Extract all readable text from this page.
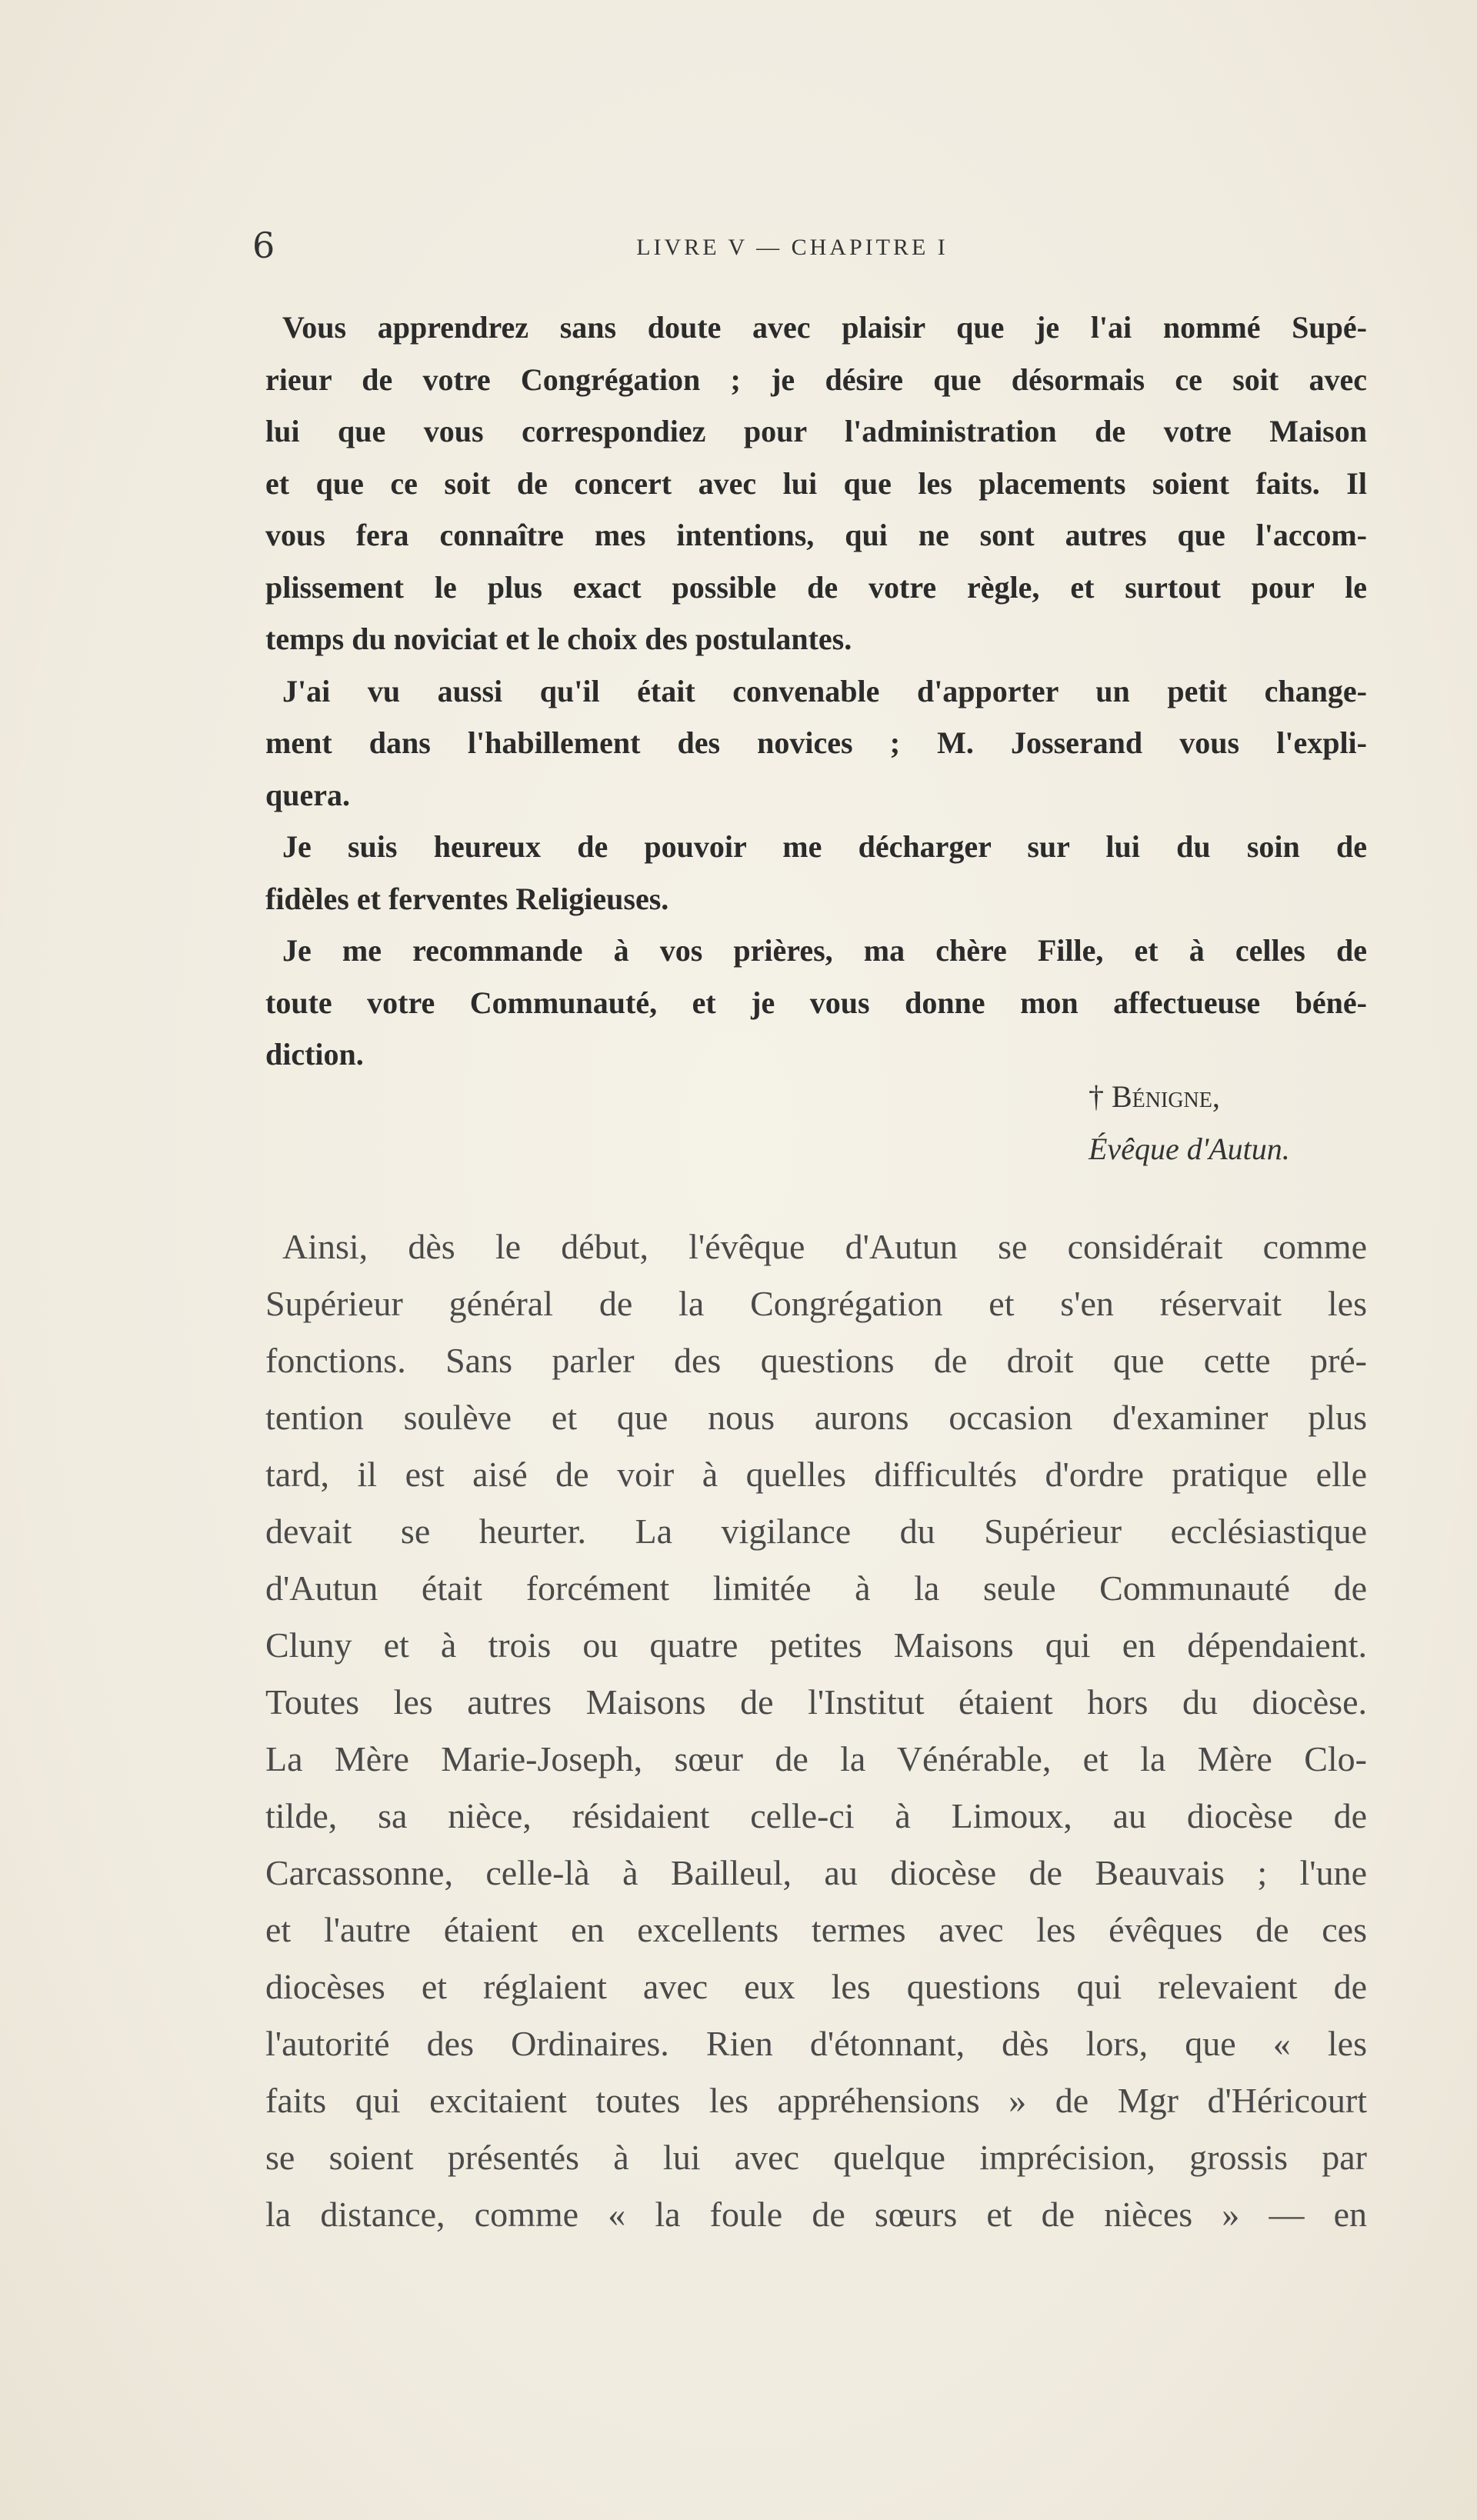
6	LIVRE V — CHAPITRE I
Vous apprendrez sans doute avec plaisir que je l'ai nommé Supé-
rieur de votre Congrégation ; je désire que désormais ce soit avec
lui que vous correspondiez pour l'administration de votre Maison
et que ce soit de concert avec lui que les placements soient faits. Il
vous fera connaître mes intentions, qui ne sont autres que l'accom-
plissement le plus exact possible de votre règle, et surtout pour le
temps du noviciat et le choix des postulantes.
J'ai vu aussi qu'il était convenable d'apporter un petit change-
ment dans l'habillement des novices ; M. Josserand vous l'expli-
quera.
Je suis heureux de pouvoir me décharger sur lui du soin de
fidèles et ferventes Religieuses.
Je me recommande à vos prières, ma chère Fille, et à celles de
toute votre Communauté, et je vous donne mon affectueuse béné-
diction.
† Bénigne,
Évêque d'Autun.
Ainsi, dès le début, l'évêque d'Autun se considérait comme
Supérieur général de la Congrégation et s'en réservait les
fonctions. Sans parler des questions de droit que cette pré-
tention soulève et que nous aurons occasion d'examiner plus
tard, il est aisé de voir à quelles difficultés d'ordre pratique elle
devait se heurter. La vigilance du Supérieur ecclésiastique
d'Autun était forcément limitée à la seule Communauté de
Cluny et à trois ou quatre petites Maisons qui en dépendaient.
Toutes les autres Maisons de l'Institut étaient hors du diocèse.
La Mère Marie-Joseph, sœur de la Vénérable, et la Mère Clo-
tilde, sa nièce, résidaient celle-ci à Limoux, au diocèse de
Carcassonne, celle-là à Bailleul, au diocèse de Beauvais ; l'une
et l'autre étaient en excellents termes avec les évêques de ces
diocèses et réglaient avec eux les questions qui relevaient de
l'autorité des Ordinaires. Rien d'étonnant, dès lors, que « les
faits qui excitaient toutes les appréhensions » de Mgr d'Héricourt
se soient présentés à lui avec quelque imprécision, grossis par
la distance, comme « la foule de sœurs et de nièces » — en
